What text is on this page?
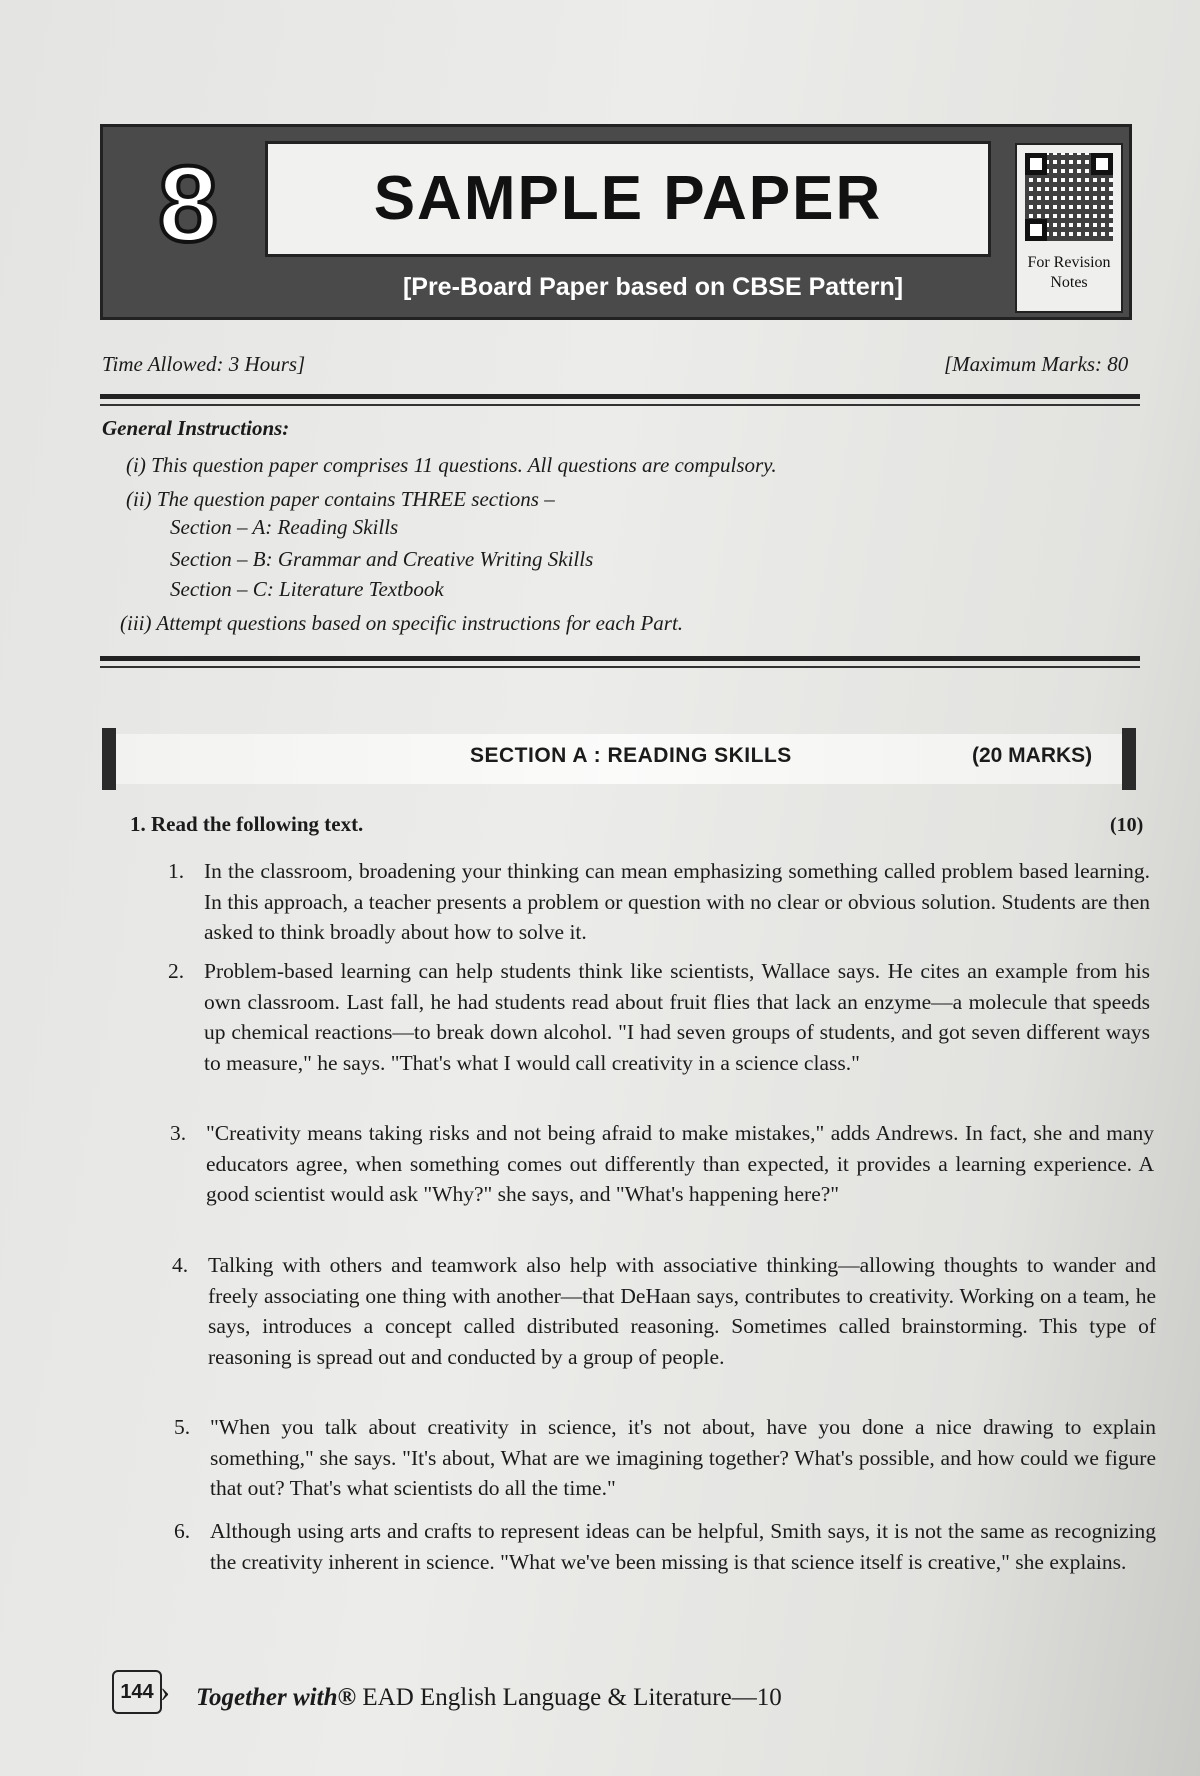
8	SAMPLE PAPER
[Pre-Board Paper based on CBSE Pattern]
For Revision Notes
Time Allowed: 3 Hours]	[Maximum Marks: 80
General Instructions:
(i) This question paper comprises 11 questions. All questions are compulsory.
(ii) The question paper contains THREE sections –
Section – A: Reading Skills
Section – B: Grammar and Creative Writing Skills
Section – C: Literature Textbook
(iii) Attempt questions based on specific instructions for each Part.
SECTION A : READING SKILLS	(20 MARKS)
1. Read the following text.	(10)
1. In the classroom, broadening your thinking can mean emphasizing something called problem based learning. In this approach, a teacher presents a problem or question with no clear or obvious solution. Students are then asked to think broadly about how to solve it.
2. Problem-based learning can help students think like scientists, Wallace says. He cites an example from his own classroom. Last fall, he had students read about fruit flies that lack an enzyme—a molecule that speeds up chemical reactions—to break down alcohol. "I had seven groups of students, and got seven different ways to measure," he says. "That's what I would call creativity in a science class."
3. "Creativity means taking risks and not being afraid to make mistakes," adds Andrews. In fact, she and many educators agree, when something comes out differently than expected, it provides a learning experience. A good scientist would ask "Why?" she says, and "What's happening here?"
4. Talking with others and teamwork also help with associative thinking—allowing thoughts to wander and freely associating one thing with another—that DeHaan says, contributes to creativity. Working on a team, he says, introduces a concept called distributed reasoning. Sometimes called brainstorming. This type of reasoning is spread out and conducted by a group of people.
5. "When you talk about creativity in science, it's not about, have you done a nice drawing to explain something," she says. "It's about, What are we imagining together? What's possible, and how could we figure that out? That's what scientists do all the time."
6. Although using arts and crafts to represent ideas can be helpful, Smith says, it is not the same as recognizing the creativity inherent in science. "What we've been missing is that science itself is creative," she explains.
144 › Together with® EAD English Language & Literature—10
